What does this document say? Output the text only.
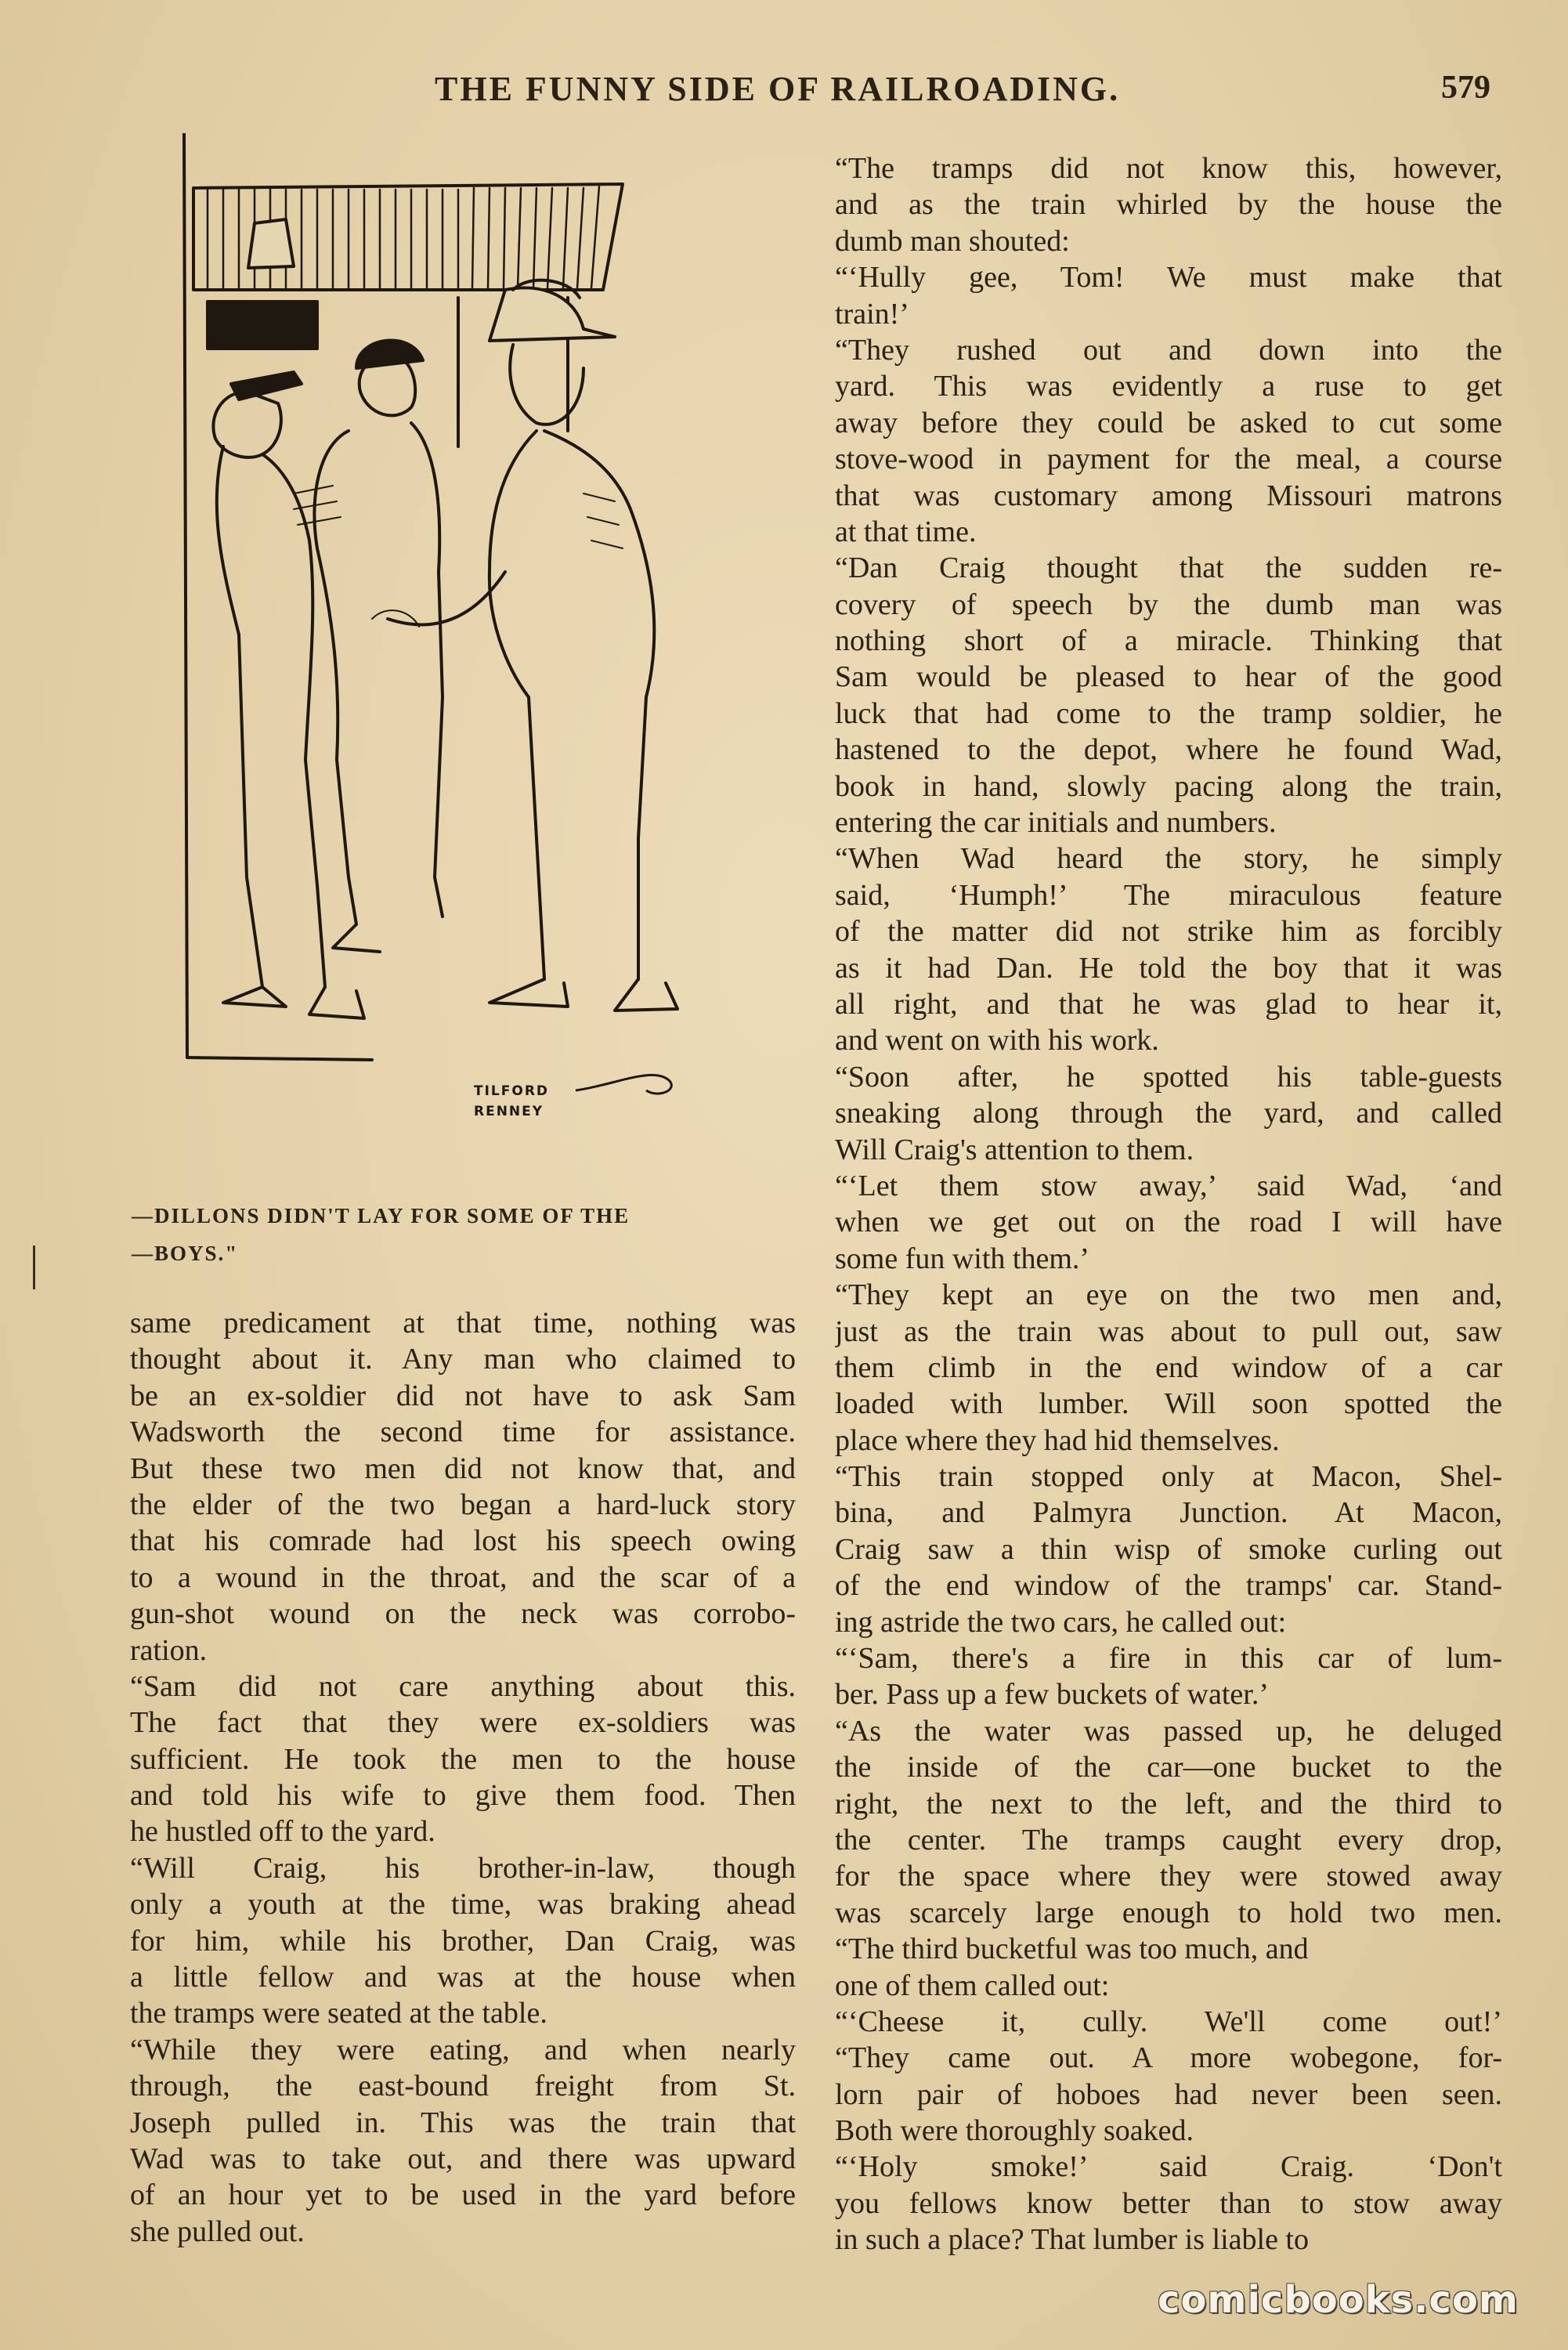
THE FUNNY SIDE OF RAILROADING.	579
TILFORD
RENNEY
—DILLONS DIDN'T LAY FOR SOME OF THE
—BOYS."
same predicament at that time, nothing was
thought about it. Any man who claimed to
be an ex-soldier did not have to ask Sam
Wadsworth the second time for assistance.
But these two men did not know that, and
the elder of the two began a hard-luck story
that his comrade had lost his speech owing
to a wound in the throat, and the scar of a
gun-shot wound on the neck was corrobo-
ration.
“Sam did not care anything about this.
The fact that they were ex-soldiers was
sufficient. He took the men to the house
and told his wife to give them food. Then
he hustled off to the yard.
“Will Craig, his brother-in-law, though
only a youth at the time, was braking ahead
for him, while his brother, Dan Craig, was
a little fellow and was at the house when
the tramps were seated at the table.
“While they were eating, and when nearly
through, the east-bound freight from St.
Joseph pulled in. This was the train that
Wad was to take out, and there was upward
of an hour yet to be used in the yard before
she pulled out.
“The tramps did not know this, however,
and as the train whirled by the house the
dumb man shouted:
“‘Hully gee, Tom! We must make that
train!’
“They rushed out and down into the
yard. This was evidently a ruse to get
away before they could be asked to cut some
stove-wood in payment for the meal, a course
that was customary among Missouri matrons
at that time.
“Dan Craig thought that the sudden re-
covery of speech by the dumb man was
nothing short of a miracle. Thinking that
Sam would be pleased to hear of the good
luck that had come to the tramp soldier, he
hastened to the depot, where he found Wad,
book in hand, slowly pacing along the train,
entering the car initials and numbers.
“When Wad heard the story, he simply
said, ‘Humph!’ The miraculous feature
of the matter did not strike him as forcibly
as it had Dan. He told the boy that it was
all right, and that he was glad to hear it,
and went on with his work.
“Soon after, he spotted his table-guests
sneaking along through the yard, and called
Will Craig's attention to them.
“‘Let them stow away,’ said Wad, ‘and
when we get out on the road I will have
some fun with them.’
“They kept an eye on the two men and,
just as the train was about to pull out, saw
them climb in the end window of a car
loaded with lumber. Will soon spotted the
place where they had hid themselves.
“This train stopped only at Macon, Shel-
bina, and Palmyra Junction. At Macon,
Craig saw a thin wisp of smoke curling out
of the end window of the tramps' car. Stand-
ing astride the two cars, he called out:
“‘Sam, there's a fire in this car of lum-
ber. Pass up a few buckets of water.’
“As the water was passed up, he deluged
the inside of the car—one bucket to the
right, the next to the left, and the third to
the center. The tramps caught every drop,
for the space where they were stowed away
was scarcely large enough to hold two men.
“The third bucketful was too much, and
one of them called out:
“‘Cheese it, cully. We'll come out!’
“They came out. A more wobegone, for-
lorn pair of hoboes had never been seen.
Both were thoroughly soaked.
“‘Holy smoke!’ said Craig. ‘Don't
you fellows know better than to stow away
in such a place? That lumber is liable to
comicbooks.com
